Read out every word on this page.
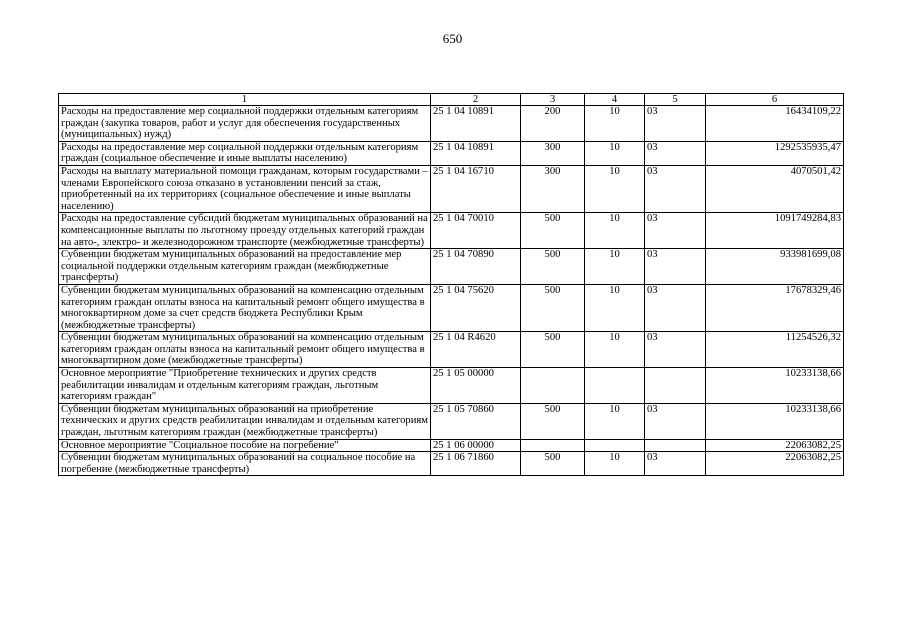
650
1	2	3	4	5	6
Расходы на предоставление мер социальной поддержки отдельным категориям граждан (закупка товаров, работ и услуг для обеспечения государственных (муниципальных) нужд)	25 1 04 10891	200	10	03	16434109,22
Расходы на предоставление мер социальной поддержки отдельным категориям граждан (социальное обеспечение и иные выплаты населению)	25 1 04 10891	300	10	03	1292535935,47
Расходы на выплату материальной помощи гражданам, которым государствами – членами Европейского союза отказано в установлении пенсий за стаж, приобретенный на их территориях (социальное обеспечение и иные выплаты населению)	25 1 04 16710	300	10	03	4070501,42
Расходы на предоставление субсидий бюджетам муниципальных образований на компенсационные выплаты по льготному проезду отдельных категорий граждан на авто-, электро- и железнодорожном транспорте (межбюджетные трансферты)	25 1 04 70010	500	10	03	1091749284,83
Субвенции бюджетам муниципальных образований на предоставление мер социальной поддержки отдельным категориям граждан (межбюджетные трансферты)	25 1 04 70890	500	10	03	933981699,08
Субвенции бюджетам муниципальных образований на компенсацию отдельным категориям граждан оплаты взноса на капитальный ремонт общего имущества в многоквартирном доме за счет средств бюджета Республики Крым (межбюджетные трансферты)	25 1 04 75620	500	10	03	17678329,46
Субвенции бюджетам муниципальных образований на компенсацию отдельным категориям граждан оплаты взноса на капитальный ремонт общего имущества в многоквартирном доме (межбюджетные трансферты)	25 1 04 R4620	500	10	03	11254526,32
Основное мероприятие "Приобретение технических и других средств реабилитации инвалидам и отдельным категориям граждан, льготным категориям граждан"	25 1 05 00000				10233138,66
Субвенции бюджетам муниципальных образований на приобретение технических и других средств реабилитации инвалидам и отдельным категориям граждан, льготным категориям граждан (межбюджетные трансферты)	25 1 05 70860	500	10	03	10233138,66
Основное мероприятие "Социальное пособие на погребение"	25 1 06 00000				22063082,25
Субвенции бюджетам муниципальных образований на социальное пособие на погребение (межбюджетные трансферты)	25 1 06 71860	500	10	03	22063082,25
